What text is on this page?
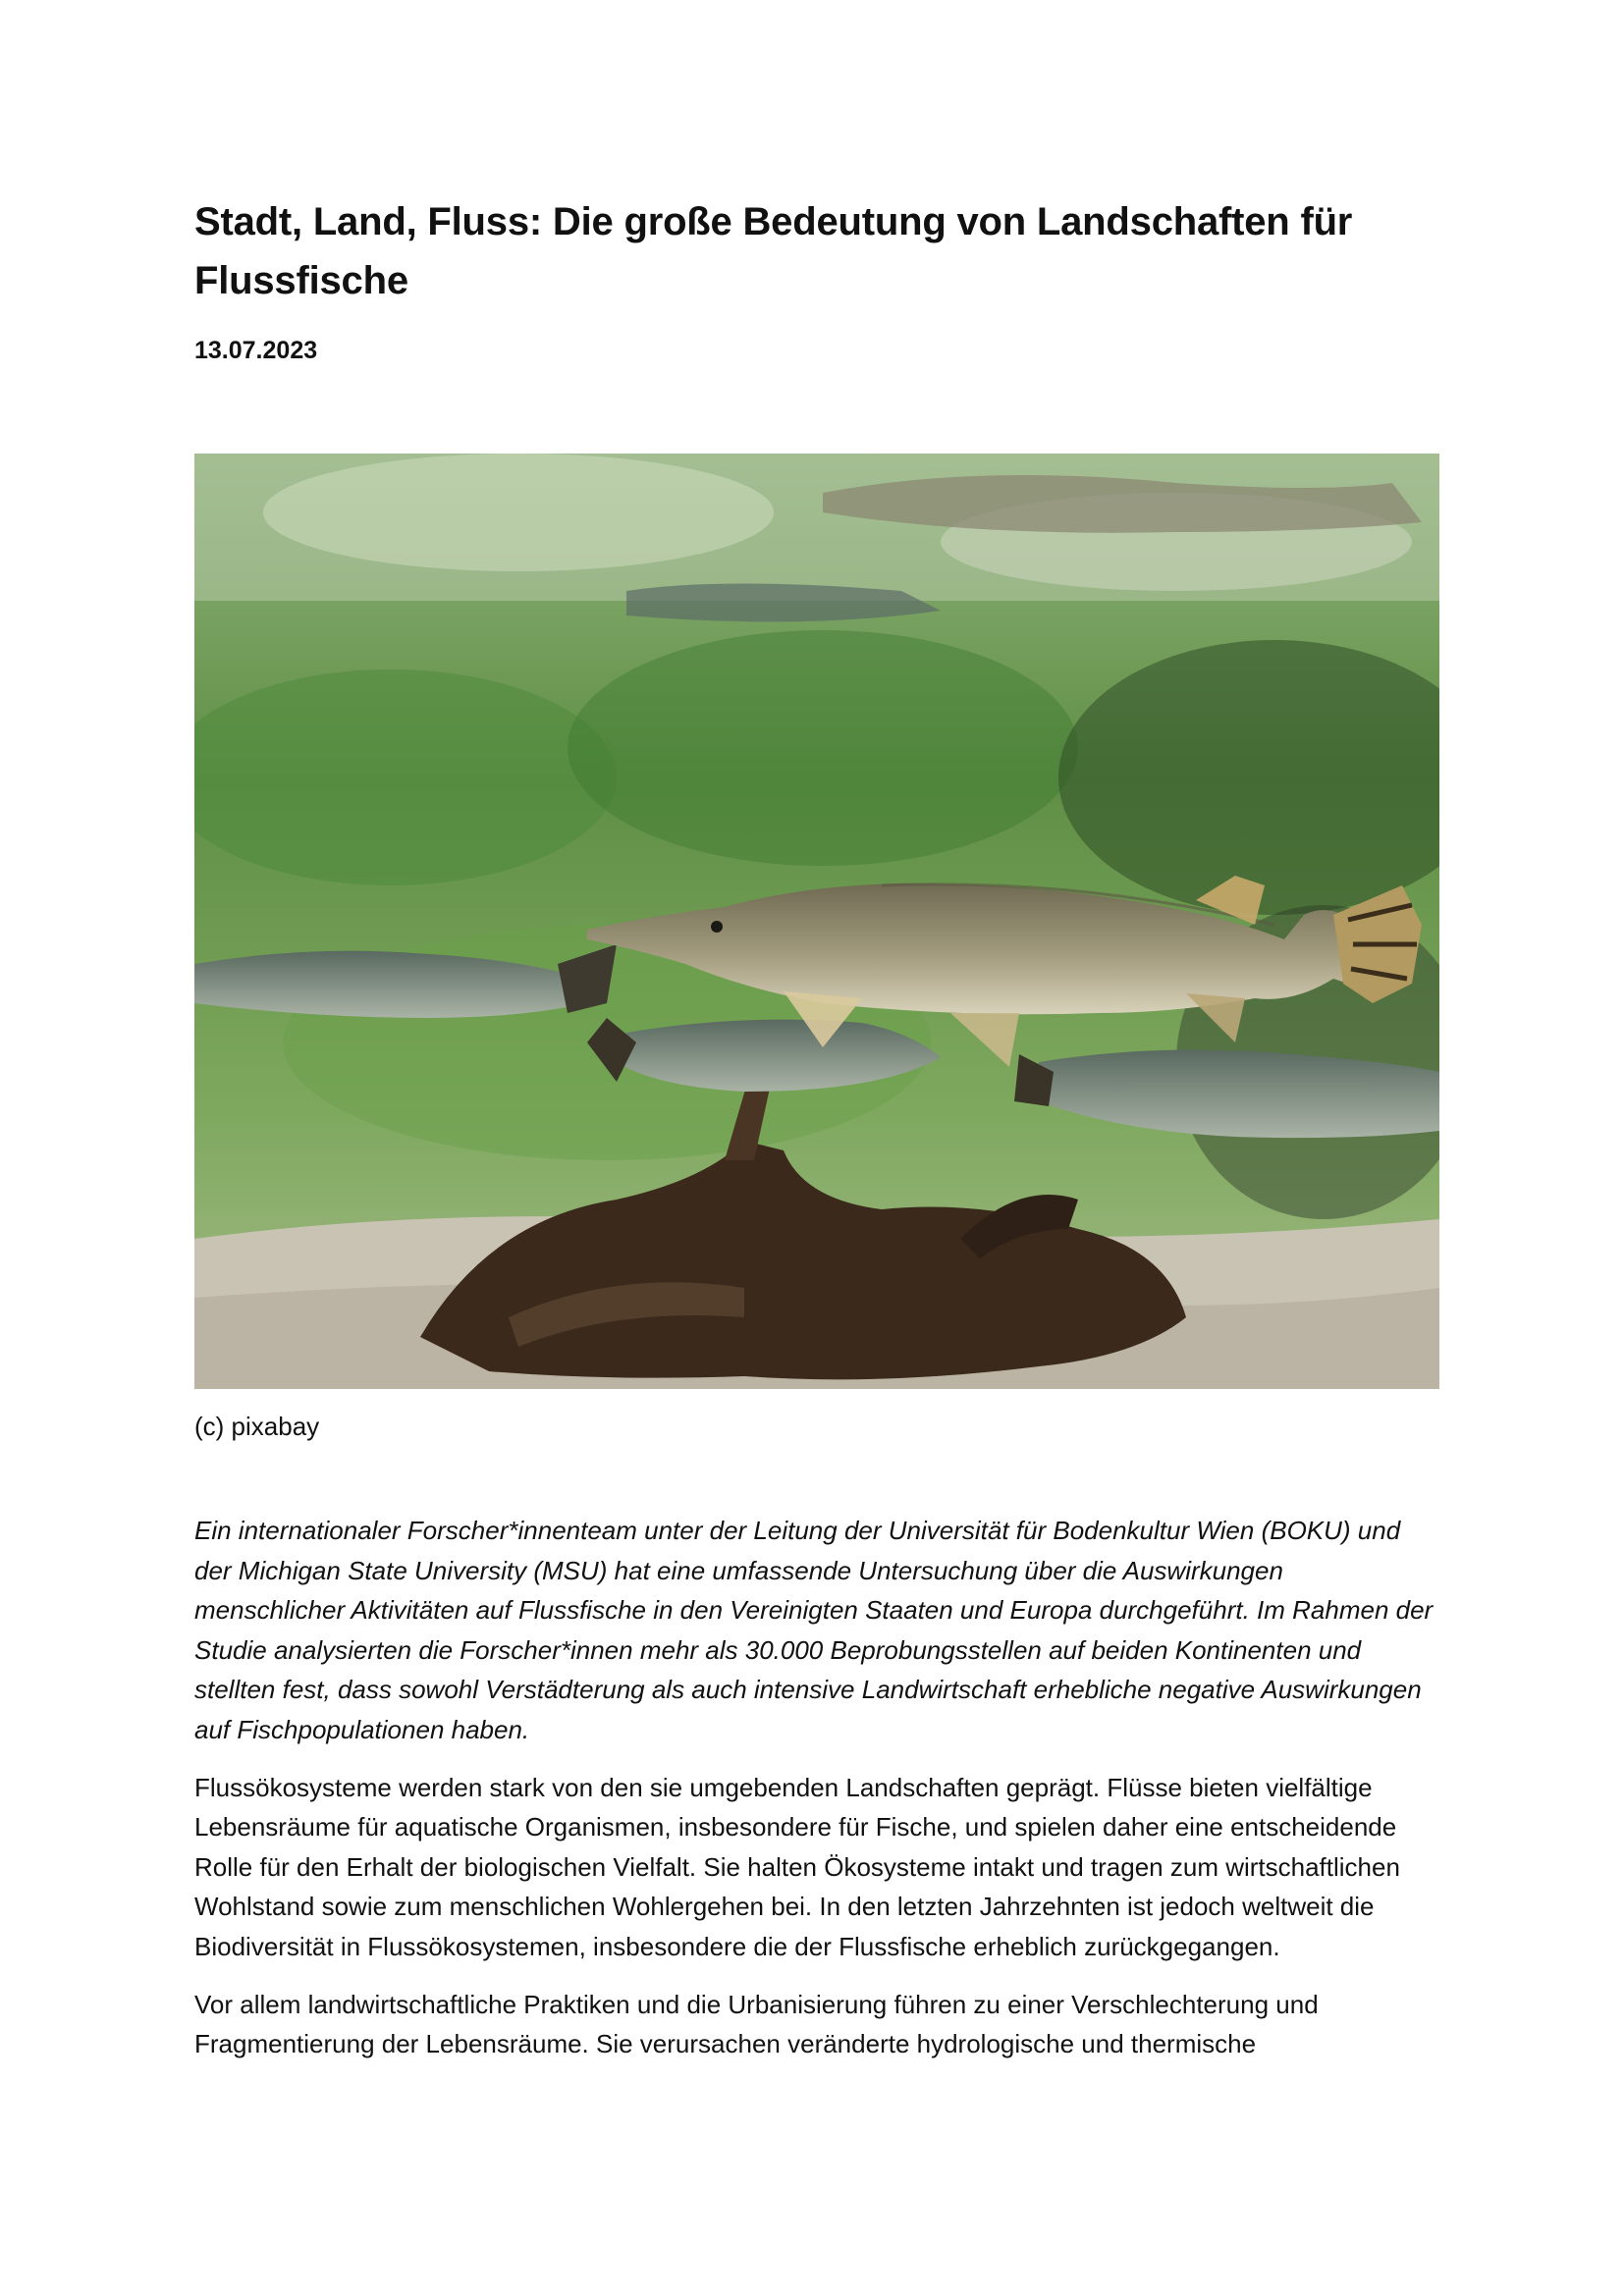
Stadt, Land, Fluss: Die große Bedeutung von Landschaften für Flussfische

13.07.2023

(c) pixabay

Ein internationaler Forscher*innenteam unter der Leitung der Universität für Bodenkultur Wien (BOKU) und der Michigan State University (MSU) hat eine umfassende Untersuchung über die Auswirkungen menschlicher Aktivitäten auf Flussfische in den Vereinigten Staaten und Europa durchgeführt. Im Rahmen der Studie analysierten die Forscher*innen mehr als 30.000 Beprobungsstellen auf beiden Kontinenten und stellten fest, dass sowohl Verstädterung als auch intensive Landwirtschaft erhebliche negative Auswirkungen auf Fischpopulationen haben.

Flussökosysteme werden stark von den sie umgebenden Landschaften geprägt. Flüsse bieten vielfältige Lebensräume für aquatische Organismen, insbesondere für Fische, und spielen daher eine entscheidende Rolle für den Erhalt der biologischen Vielfalt. Sie halten Ökosysteme intakt und tragen zum wirtschaftlichen Wohlstand sowie zum menschlichen Wohlergehen bei. In den letzten Jahrzehnten ist jedoch weltweit die Biodiversität in Flussökosystemen, insbesondere die der Flussfische erheblich zurückgegangen.

Vor allem landwirtschaftliche Praktiken und die Urbanisierung führen zu einer Verschlechterung und Fragmentierung der Lebensräume. Sie verursachen veränderte hydrologische und thermische
